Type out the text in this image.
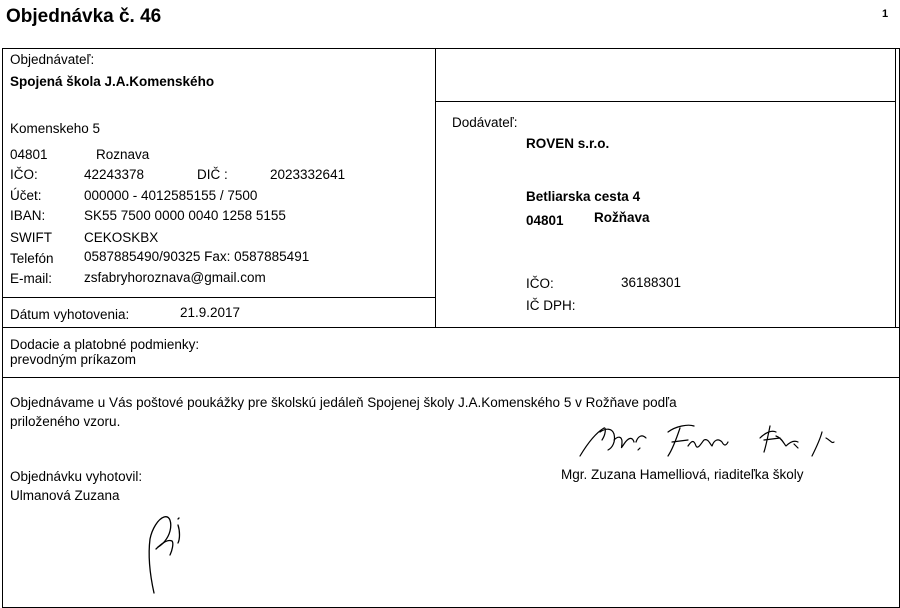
Objednávka č. 46	1
Objednávateľ:
Spojená škola J.A.Komenského
Komenskeho 5
04801	Roznava
IČO:	42243378	DIČ :	2023332641
Účet:	000000 - 4012585155 / 7500
IBAN:	SK55 7500 0000 0040 1258 5155
SWIFT CEKOSKBX
Telefón 0587885490/90325 Fax: 0587885491
E-mail: zsfabryhoroznava@gmail.com
Dátum vyhotovenia:	21.9.2017
Dodávateľ:
ROVEN s.r.o.
Betliarska cesta 4
04801 Rožňava
IČO:	36188301
IČ DPH:
Dodacie a platobné podmienky:
prevodným príkazom
Objednávame u Vás poštové poukážky pre školskú jedáleň Spojenej školy J.A.Komenského 5 v Rožňave podľa
priloženého vzoru.
Mgr. Zuzana Hamelliová, riaditeľka školy
Objednávku vyhotovil:
Ulmanová Zuzana
